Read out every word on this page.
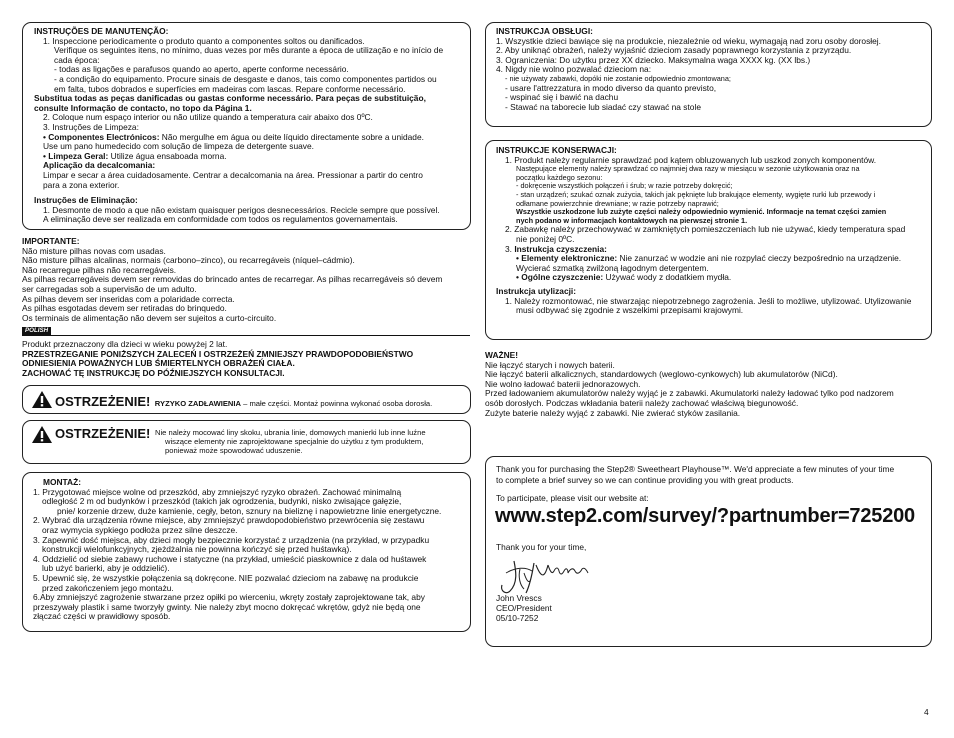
INSTRUÇÕES DE MANUTENÇÃO:

1. Inspeccione periodicamente o produto quanto a componentes soltos ou danificados.

Verifique os seguintes itens, no mínimo, duas vezes por mês durante a época de utilização e no início de

cada época:

- todas as ligações e parafusos quando ao aperto, aperte conforme necessário.

- a condição do equipamento. Procure sinais de desgaste e danos, tais como componentes partidos ou

em falta, tubos dobrados e superfícies em madeiras com lascas. Repare conforme necessário.

Substitua todas as peças danificadas ou gastas conforme necessário. Para peças de substituição,

consulte Informação de contacto, no topo da Página 1.

2. Coloque num espaço interior ou não utilize quando a temperatura cair abaixo dos 0ºC.

3. Instruções de Limpeza:

• Componentes Electrónicos: Não mergulhe em água ou deite líquido directamente sobre a unidade.

Use um pano humedecido com solução de limpeza de detergente suave.

• Limpeza Geral: Utilize água ensaboada morna.

Aplicação da decalcomania:

Limpar e secar a área cuidadosamente. Centrar a decalcomania na área. Pressionar a partir do centro

para a zona exterior.

Instruções de Eliminação:

1. Desmonte de modo a que não existam quaisquer perigos desnecessários. Recicle sempre que possível.

A eliminação deve ser realizada em conformidade com todos os regulamentos governamentais.

IMPORTANTE:

Não misture pilhas novas com usadas.

Não misture pilhas alcalinas, normais (carbono–zinco), ou recarregáveis (níquel–cádmio).

Não recarregue pilhas não recarregáveis.

As pilhas recarregáveis devem ser removidas do brincado antes de recarregar. As pilhas recarregáveis só devem

ser carregadas sob a supervisão de um adulto.

As pilhas devem ser inseridas com a polaridade correcta.

As pilhas esgotadas devem ser retiradas do brinquedo.

Os terminais de alimentação não devem ser sujeitos a curto-circuito.

POLISH

Produkt przeznaczony dla dzieci w wieku powyżej 2 lat.

PRZESTRZEGANIE PONIŻSZYCH ZALECEŃ I OSTRZEŻEŃ ZMNIEJSZY PRAWDOPODOBIEŃSTWO

ODNIESIENIA POWAŻNYCH LUB ŚMIERTELNYCH OBRAŻEŃ CIAŁA.

ZACHOWAĆ TĘ INSTRUKCJĘ DO PÓŹNIEJSZYCH KONSULTACJI.

OSTRZEŻENIE! RYZYKO ZADŁAWIENIA – małe części. Montaż powinna wykonać osoba dorosła.
OSTRZEŻENIE! Nie należy mocować liny skoku, ubrania linie, domowych manierki lub inne luźne

wiszące elementy nie zaprojektowane specjalnie do użytku z tym produktem,

ponieważ może spowodować uduszenie.

MONTAŻ:

1. Przygotować miejsce wolne od przeszkód, aby zmniejszyć ryzyko obrażeń. Zachować minimalną

odległość 2 m od budynków i przeszkód (takich jak ogrodzenia, budynki, nisko zwisające gałęzie,

pnie/ korzenie drzew, duże kamienie, cegły, beton, sznury na bieliznę i napowietrzne linie energetyczne.

2. Wybrać dla urządzenia równe miejsce, aby zmniejszyć prawdopodobieństwo przewrócenia się zestawu

oraz wymycia sypkiego podłoża przez silne deszcze.

3. Zapewnić dość miejsca, aby dzieci mogły bezpiecznie korzystać z urządzenia (na przykład, w przypadku

konstrukcji wielofunkcyjnych, zjeżdżalnia nie powinna kończyć się przed huśtawką).

4. Oddzielić od siebie zabawy ruchowe i statyczne (na przykład, umieścić piaskownice z dala od huśtawek

lub użyć barierki, aby je oddzielić).

5. Upewnić się, że wszystkie połączenia są dokręcone. NIE pozwalać dzieciom na zabawę na produkcie

przed zakończeniem jego montażu.

6.Aby zmniejszyć zagrożenie stwarzane przez opiłki po wierceniu, wkręty zostały zaprojektowane tak, aby

przeszywały plastik i same tworzyły gwinty. Nie należy zbyt mocno dokręcać wkrętów, gdyż nie będą one

złączać części w prawidłowy sposób.

INSTRUKCJA OBSŁUGI:

1. Wszystkie dzieci bawiące się na produkcie, niezależnie od wieku, wymagają nad zoru osoby dorosłej.

2. Aby uniknąć obrażeń, należy wyjaśnić dzieciom zasady poprawnego korzystania z przyrządu.

3. Ograniczenia: Do użytku przez XX dziecko. Maksymalna waga XXXX kg. (XX lbs.)

4. Nigdy nie wolno pozwalać dzieciom na:

- nie używaty zabawki, dopóki nie zostanie odpowiednio zmontowana;

- usare l'attrezzatura in modo diverso da quanto previsto,

- wspinać się i bawić na dachu

- Stawać na taborecie lub siadać czy stawać na stole

INSTRUKCJE KONSERWACJI:

1. Produkt należy regularnie sprawdzać pod kątem obluzowanych lub uszkod zonych komponentów.

Następujące elementy należy sprawdzać co najmniej dwa razy w miesiącu w sezonie użytkowania oraz na

początku każdego sezonu:

- dokręcenie wszystkich połączeń i śrub; w razie potrzeby dokręcić;

- stan urządzeń; szukać oznak zużycia, takich jak pęknięte lub brakujące elementy, wygięte rurki lub przewody i

odłamane powierzchnie drewniane; w razie potrzeby naprawić;

Wszystkie uszkodzone lub zużyte części należy odpowiednio wymienić. Informacje na temat części zamien

nych podano w informacjach kontaktowych na pierwszej stronie 1.

2. Zabawkę należy przechowywać w zamkniętych pomieszczeniach lub nie używać, kiedy temperatura spad

nie poniżej 0ºC.

3. Instrukcja czyszczenia:

• Elementy elektroniczne: Nie zanurzać w wodzie ani nie rozpylać cieczy bezpośrednio na urządzenie.

Wycierać szmatką zwilżoną łagodnym detergentem.

• Ogólne czyszczenie: Używać wody z dodatkiem mydła.

Instrukcja utylizacji:

1. Należy rozmontować, nie stwarzając niepotrzebnego zagrożenia. Jeśli to możliwe, utylizować. Utylizowanie

musi odbywać się zgodnie z wszelkimi przepisami krajowymi.

WAŻNE!

Nie łączyć starych i nowych baterii.

Nie łączyć baterii alkalicznych, standardowych (weglowo-cynkowych) lub akumulatorów (NiCd).

Nie wolno ładować baterii jednorazowych.

Przed ładowaniem akumulatorów należy wyjąć je z zabawki. Akumulatorki należy ładować tylko pod nadzorem

osób dorosłych. Podczas wkładania baterii należy zachować właściwą biegunowość.

Zużyte baterie należy wyjąć z zabawki. Nie zwierać styków zasilania.

Thank you for purchasing the Step2® Sweetheart Playhouse™. We'd appreciate a few minutes of your time

to complete a brief survey so we can continue providing you with great products.

To participate, please visit our website at:

www.step2.com/survey/?partnumber=725200
Thank you for your time,

John Vrescs

CEO/President

05/10-7252

4
